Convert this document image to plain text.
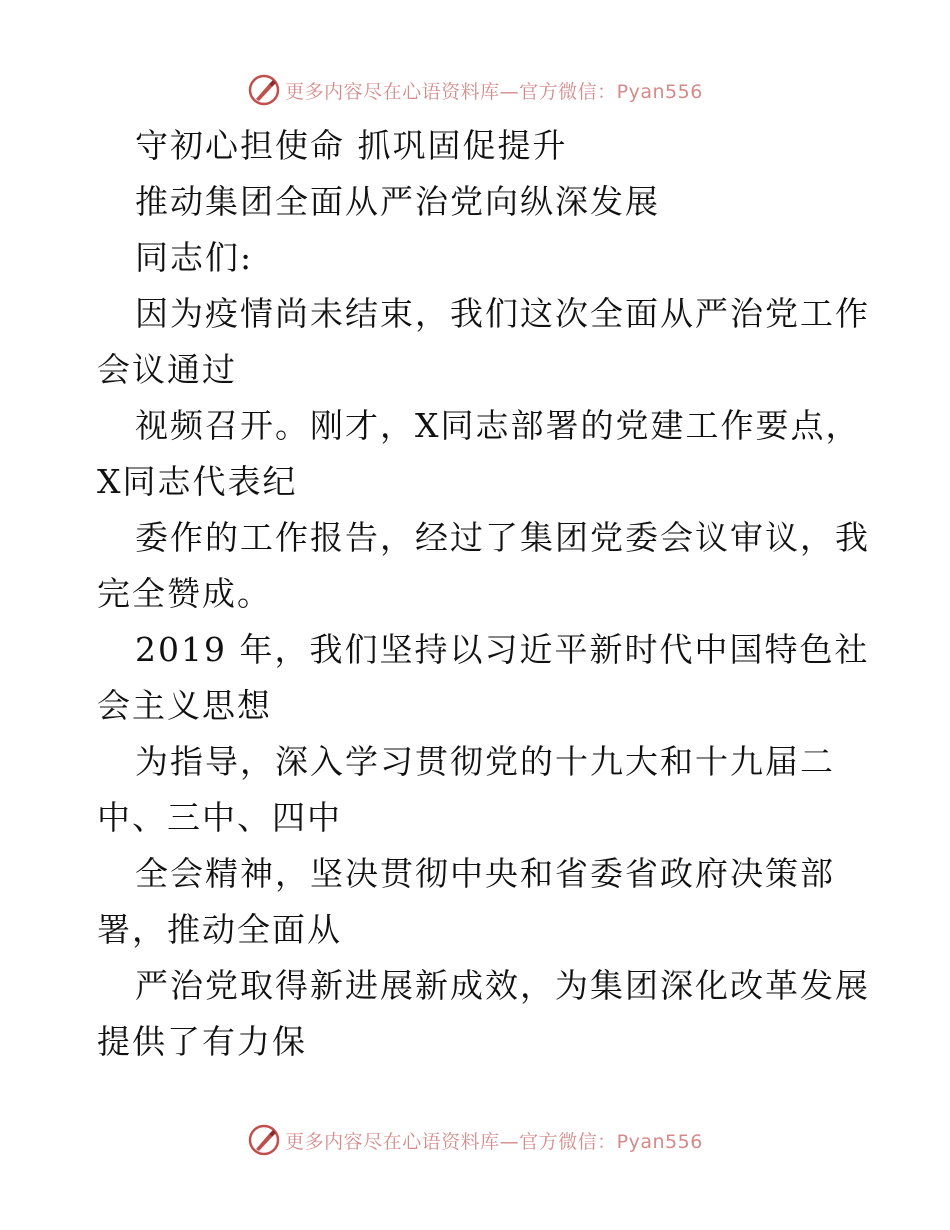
更多内容尽在心语资料库—官方微信：Pyan556
守初心担使命 抓巩固促提升
推动集团全面从严治党向纵深发展
同志们:
因为疫情尚未结束，我们这次全面从严治党工作
会议通过
视频召开。刚才，X同志部署的党建工作要点，
X同志代表纪
委作的工作报告，经过了集团党委会议审议，我
完全赞成。
2019 年，我们坚持以习近平新时代中国特色社
会主义思想
为指导，深入学习贯彻党的十九大和十九届二
中、三中、四中
全会精神，坚决贯彻中央和省委省政府决策部
署，推动全面从
严治党取得新进展新成效，为集团深化改革发展
提供了有力保
更多内容尽在心语资料库—官方微信：Pyan556
